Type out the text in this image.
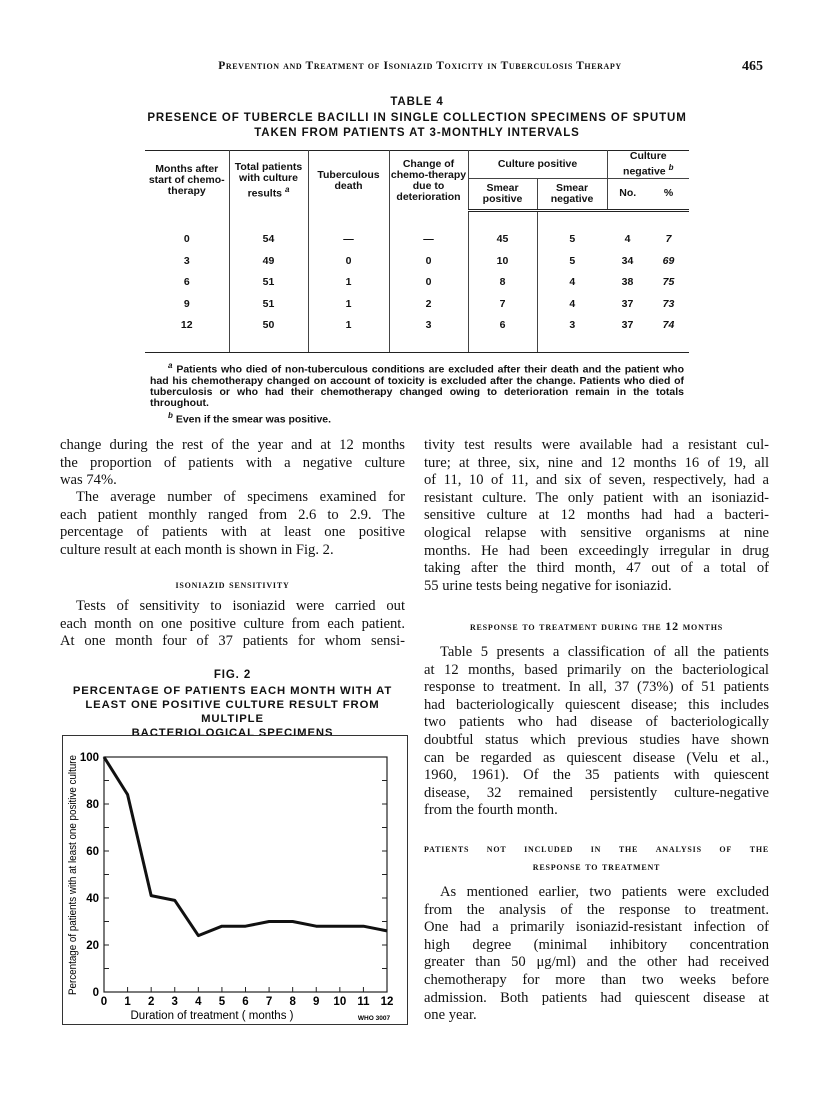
Prevention and Treatment of Isoniazid Toxicity in Tuberculosis Therapy	465
TABLE 4
PRESENCE OF TUBERCLE BACILLI IN SINGLE COLLECTION SPECIMENS OF SPUTUM
TAKEN FROM PATIENTS AT 3-MONTHLY INTERVALS
Months after start of chemo-therapy	Total patients with culture results $^a$	Tuberculous death	Change of chemo-therapy due to deterioration	Culture positive		Culture negative $^b$
				Smear positive	Smear negative	No.	%

0	54	—	—	45	5	4	7
3	49	0	0	10	5	34	69
6	51	1	0	8	4	38	75
9	51	1	2	7	4	37	73
12	50	1	3	6	3	37	74

$^a$ Patients who died of non-tuberculous conditions are excluded after their death and the patient who had his chemotherapy changed on account of toxicity is excluded after the change. Patients who died of tuberculosis or who had their chemotherapy changed owing to deterioration remain in the totals throughout.
$^b$ Even if the smear was positive.
change during the rest of the year and at 12 months
the proportion of patients with a negative culture
was 74%.
The average number of specimens examined for
each patient monthly ranged from 2.6 to 2.9. The
percentage of patients with at least one positive
culture result at each month is shown in Fig. 2.
isoniazid sensitivity
Tests of sensitivity to isoniazid were carried out
each month on one positive culture from each patient.
At one month four of 37 patients for whom sensi-
FIG. 2
PERCENTAGE OF PATIENTS EACH MONTH WITH AT
LEAST ONE POSITIVE CULTURE RESULT FROM MULTIPLE
BACTERIOLOGICAL SPECIMENS
0
20
40
60
80
100
0 1 2 3 4 5 6 7 8 9 10 11 12
Percentage of patients with at least one positive culture
Duration of treatment ( months )	WHO 3007
tivity test results were available had a resistant cul-
ture; at three, six, nine and 12 months 16 of 19, all
of 11, 10 of 11, and six of seven, respectively, had a
resistant culture. The only patient with an isoniazid-
sensitive culture at 12 months had had a bacteri-
ological relapse with sensitive organisms at nine
months. He had been exceedingly irregular in drug
taking after the third month, 47 out of a total of
55 urine tests being negative for isoniazid.
response to treatment during the 12 months
Table 5 presents a classification of all the patients
at 12 months, based primarily on the bacteriological
response to treatment. In all, 37 (73%) of 51 patients
had bacteriologically quiescent disease; this includes
two patients who had disease of bacteriologically
doubtful status which previous studies have shown
can be regarded as quiescent disease (Velu et al.,
1960, 1961). Of the 35 patients with quiescent
disease, 32 remained persistently culture-negative
from the fourth month.
patients not included in the analysis of the
response to treatment
As mentioned earlier, two patients were excluded
from the analysis of the response to treatment.
One had a primarily isoniazid-resistant infection of
high degree (minimal inhibitory concentration
greater than 50 μg/ml) and the other had received
chemotherapy for more than two weeks before
admission. Both patients had quiescent disease at
one year.
